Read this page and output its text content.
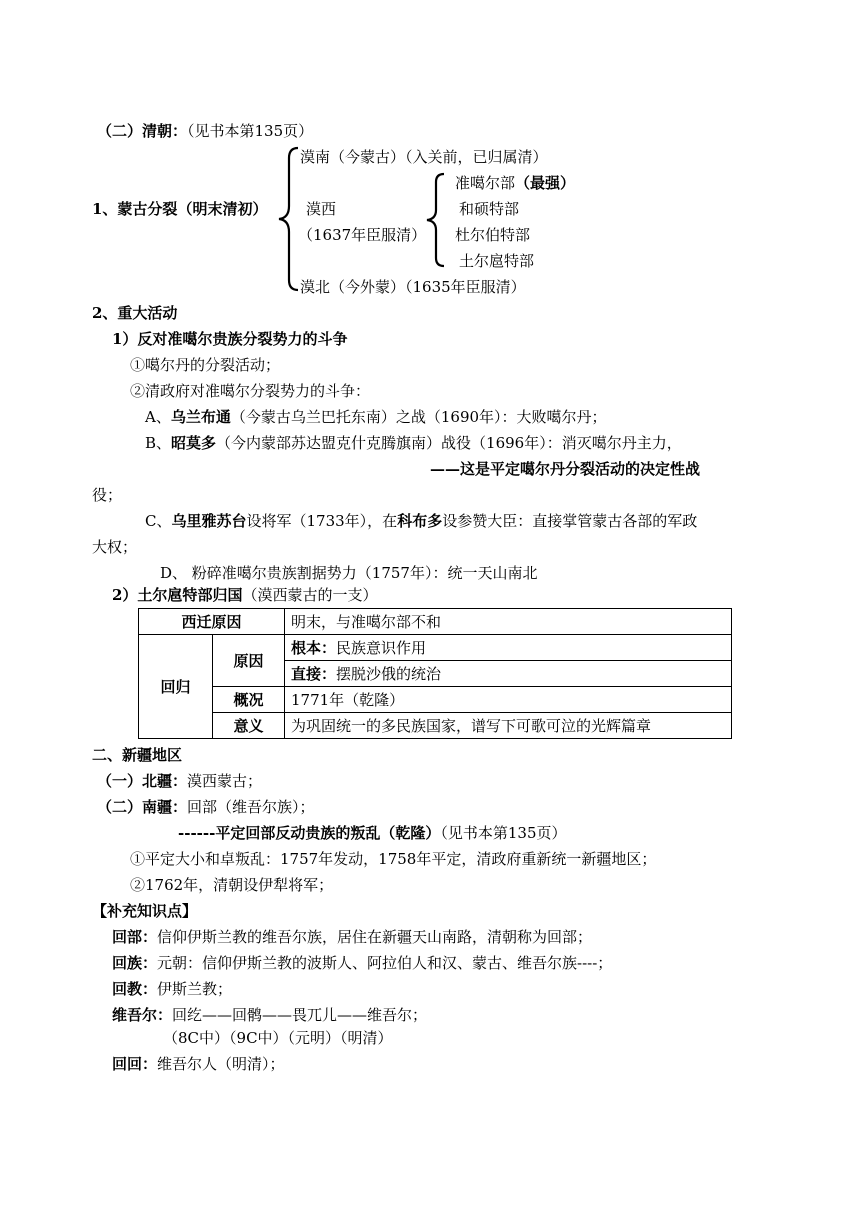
（二）清朝：（见书本第135页）
1、蒙古分裂（明末清初）
漠南（今蒙古）（入关前，已归属清）
漠西
（1637年臣服清）
准噶尔部（最强）
和硕特部
杜尔伯特部
土尔扈特部
漠北（今外蒙）（1635年臣服清）
2、重大活动
1）反对准噶尔贵族分裂势力的斗争
①噶尔丹的分裂活动；
②清政府对准噶尔分裂势力的斗争：
A、乌兰布通（今蒙古乌兰巴托东南）之战（1690年）：大败噶尔丹；
B、昭莫多（今内蒙部苏达盟克什克腾旗南）战役（1696年）：消灭噶尔丹主力，
——这是平定噶尔丹分裂活动的决定性战
役；
C、乌里雅苏台设将军（1733年），在科布多设参赞大臣：直接掌管蒙古各部的军政
大权；
D、 粉碎准噶尔贵族割据势力（1757年）：统一天山南北
2）土尔扈特部归国（漠西蒙古的一支）
西迁原因		明末，与准噶尔部不和
回归	原因	根本：民族意识作用
		直接：摆脱沙俄的统治
	概况	1771年（乾隆）
	意义	为巩固统一的多民族国家，谱写下可歌可泣的光辉篇章
二、新疆地区
（一）北疆：漠西蒙古；
（二）南疆：回部（维吾尔族）；
------平定回部反动贵族的叛乱（乾隆）（见书本第135页）
①平定大小和卓叛乱：1757年发动，1758年平定，清政府重新统一新疆地区；
②1762年，清朝设伊犁将军；
【补充知识点】
回部：信仰伊斯兰教的维吾尔族，居住在新疆天山南路，清朝称为回部；
回族：元朝：信仰伊斯兰教的波斯人、阿拉伯人和汉、蒙古、维吾尔族----；
回教：伊斯兰教；
维吾尔：回纥——回鹘——畏兀儿——维吾尔；
（8C中）（9C中）（元明）（明清）
回回：维吾尔人（明清）；
